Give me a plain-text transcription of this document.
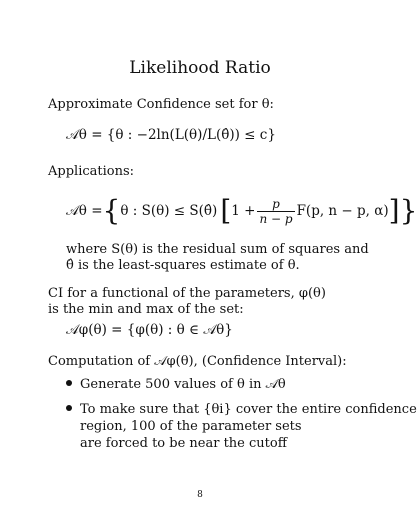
Likelihood Ratio
Approximate Confidence set for θ:
𝒜θ = {θ : −2ln(L(θ)/L(θ̂)) ≤ c}
Applications:
𝒜θ = { θ : S(θ) ≤ S(θ̂) [ $1 + \frac{p}{n - p} F(p$, n − p, α) ] }
where S(θ) is the residual sum of squares and
θ̂ is the least-squares estimate of θ.
CI for a functional of the parameters, φ(θ)
is the min and max of the set:
𝒜φ(θ) = {φ(θ) : θ ∈ 𝒜θ}
Computation of 𝒜φ(θ), (Confidence Interval):
Generate 500 values of θ in 𝒜θ
To make sure that {θi} cover the entire confidence
region, 100 of the parameter sets
are forced to be near the cutoff
8
